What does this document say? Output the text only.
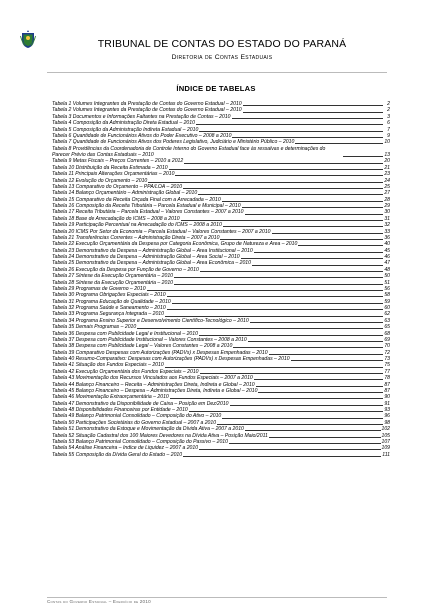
TRIBUNAL DE CONTAS DO ESTADO DO PARANÁ
Diretoria de Contas Estaduais
ÍNDICE DE TABELAS
Tabela 1 Volumes Integrantes da Prestação de Contas do Governo Estadual – 2010	2
Tabela 2 Volumes Integrantes da Prestação de Contas do Governo Estadual – 2010	2
Tabela 3 Documentos e Informações Faltantes na Prestação de Contas – 2010	3
Tabela 4 Composição da Administração Direta Estadual – 2010	6
Tabela 5 Composição da Administração Indireta Estadual – 2010	7
Tabela 6 Quantidade de Funcionários Ativos do Poder Executivo – 2008 a 2010	9
Tabela 7 Quantidade de Funcionários Ativos dos Poderes Legislativo, Judiciário e Ministério Público – 2010	10
Tabela 8 Providências da Coordenadoria de Controle Interno do Governo Estadual face às ressalvas e determinações do Parecer Prévio das Contas Estaduais – 2010	13
Tabela 9 Metas Fiscais – Preços Correntes – 2010 a 2012	20
Tabela 10 Distribuição da Receita Estimada – 2010	21
Tabela 11 Principais Alterações Orçamentárias – 2010	23
Tabela 12 Evolução do Orçamento – 2010	24
Tabela 13 Comparativo do Orçamento – PPA/LOA – 2010	25
Tabela 14 Balanço Orçamentário – Administração Global – 2010	27
Tabela 15 Comparativo da Receita Orçada Final com a Arrecadada – 2010	28
Tabela 16 Composição da Receita Tributária – Parcela Estadual e Municipal – 2010	29
Tabela 17 Receita Tributária – Parcela Estadual – Valores Constantes – 2007 a 2010	30
Tabela 18 Base de Arrecadação do ICMS – 2008 a 2010	31
Tabela 19 Participação Percentual na Arrecadação do ICMS – 2008 a 2010	32
Tabela 20 ICMS Por Setor da Economia – Parcela Estadual – Valores Constantes – 2007 a 2010	33
Tabela 21 Transferências Correntes – Administração Direta – 2007 a 2010	36
Tabela 22 Execução Orçamentária da Despesa por Categoria Econômica, Grupo de Natureza e Área – 2010	40
Tabela 23 Demonstrativo da Despesa – Administração Global – Área Institucional – 2010	45
Tabela 24 Demonstrativo da Despesa – Administração Global – Área Social – 2010	46
Tabela 25 Demonstrativo da Despesa – Administração Global – Área Econômica – 2010	47
Tabela 26 Execução da Despesa por Função de Governo – 2010	48
Tabela 27 Síntese da Execução Orçamentária – 2010	50
Tabela 28 Síntese da Execução Orçamentária – 2010	51
Tabela 29 Programas de Governo – 2010	56
Tabela 30 Programa Obrigações Especiais – 2010	58
Tabela 31 Programa Educação de Qualidade – 2010	59
Tabela 32 Programa Saúde e Saneamento – 2010	60
Tabela 33 Programa Segurança Integrada – 2010	62
Tabela 34 Programa Ensino Superior e Desenvolvimento Científico-Tecnológico – 2010	63
Tabela 35 Demais Programas – 2010	65
Tabela 36 Despesa com Publicidade Legal e Institucional – 2010	68
Tabela 37 Despesa com Publicidade Institucional – Valores Constantes – 2008 a 2010	69
Tabela 38 Despesa com Publicidade Legal – Valores Constantes – 2008 a 2010	70
Tabela 39 Comparativo Despesas com Autorizações (PADVs) x Despesas Empenhadas – 2010	72
Tabela 40 Resumo-Comparativo: Despesas com Autorizações (PADVs) x Despesas Empenhadas – 2010	73
Tabela 41 Situação dos Fundos Especiais – 2010	75
Tabela 42 Execução Orçamentária dos Fundos Especiais – 2010	77
Tabela 43 Movimentação dos Recursos Vinculados aos Fundos Especiais – 2007 a 2010	78
Tabela 44 Balanço Financeiro – Receita – Administrações Direta, Indireta e Global – 2010	87
Tabela 45 Balanço Financeiro – Despesa – Administrações Direta, Indireta e Global – 2010	87
Tabela 46 Movimentação Extraorçamentária – 2010	90
Tabela 47 Demonstrativo da Disponibilidade de Caixa – Posição em Dez/2010	91
Tabela 48 Disponibilidades Financeiras por Entidade – 2010	93
Tabela 49 Balanço Patrimonial Consolidado – Composição do Ativo – 2010	96
Tabela 50 Participações Societárias do Governo Estadual – 2007 a 2010	98
Tabela 51 Demonstrativo da Estoque e Movimentação da Dívida Ativa – 2007 a 2010	102
Tabela 52 Situação Cadastral dos 100 Maiores Devedores na Dívida Ativa – Posição Maio/2011	105
Tabela 53 Balanço Patrimonial Consolidado – Composição do Passivo – 2010	107
Tabela 54 Análise Financeira – Índice de Liquidez – 2007 a 2010	109
Tabela 55 Composição da Dívida Geral do Estado – 2010	111
Contas do Governo Estadual – Exercício de 2010
